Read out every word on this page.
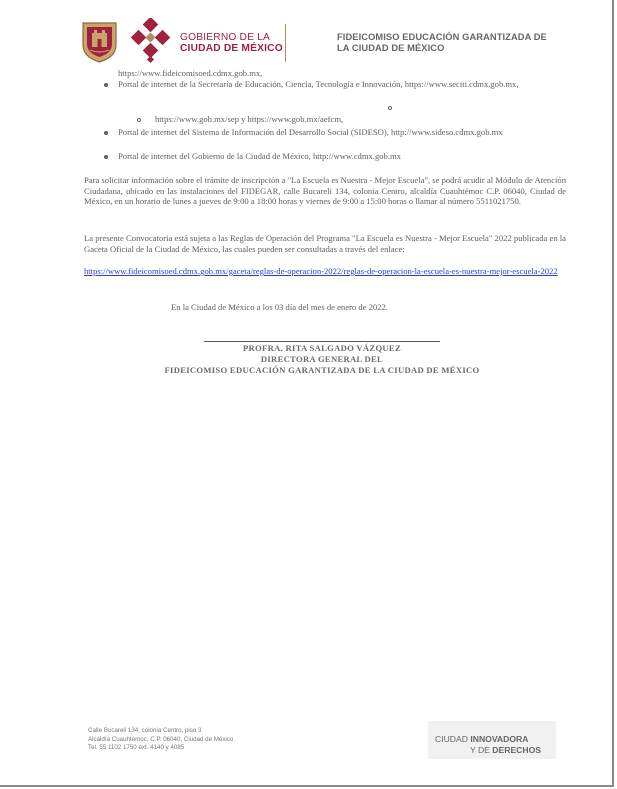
GOBIERNO DE LA
CIUDAD DE MÉXICO
FIDEICOMISO EDUCACIÓN GARANTIZADA DE
LA CIUDAD DE MÉXICO
https://www.fideicomisoed.cdmx.gob.mx,
Portal de internet de la Secretaría de Educación, Ciencia, Tecnología e Innovación, https://www.seciti.cdmx.gob.mx,
https://www.gob.mx/sep y https://www.gob.mx/aefcm,
Portal de internet del Sistema de Información del Desarrollo Social (SIDESO), http://www.sideso.cdmx.gob.mx
Portal de internet del Gobierno de la Ciudad de México, http://www.cdmx.gob.mx
Para solicitar información sobre el trámite de inscripción a "La Escuela es Nuestra - Mejor Escuela", se podrá acudir al Módulo de Atención Ciudadana, ubicado en las instalaciones del FIDEGAR, calle Bucareli 134, colonia Centro, alcaldía Cuauhtémoc C.P. 06040, Ciudad de México, en un horario de lunes a jueves de 9:00 a 18:00 horas y viernes de 9:00 a 15:00 horas o llamar al número 5511021750.
La presente Convocatoria está sujeta a las Reglas de Operación del Programa "La Escuela es Nuestra - Mejor Escuela" 2022 publicada en la Gaceta Oficial de la Ciudad de México, las cuales pueden ser consultadas a través del enlace:
https://www.fideicomisoed.cdmx.gob.mx/gaceta/reglas-de-operacion-2022/reglas-de-operacion-la-escuela-es-nuestra-mejor-escuela-2022
En la Ciudad de México a los 03 día del mes de enero de 2022.
PROFRA. RITA SALGADO VÁZQUEZ
DIRECTORA GENERAL DEL
FIDEICOMISO EDUCACIÓN GARANTIZADA DE LA CIUDAD DE MÉXICO
Calle Bucareli 134, colonia Centro, piso 3
Alcaldía Cuauhtémoc, C.P. 06040, Ciudad de México
Tel. 55 1102 1750 ext. 4140 y 4085
CIUDAD INNOVADORA
Y DE DERECHOS
